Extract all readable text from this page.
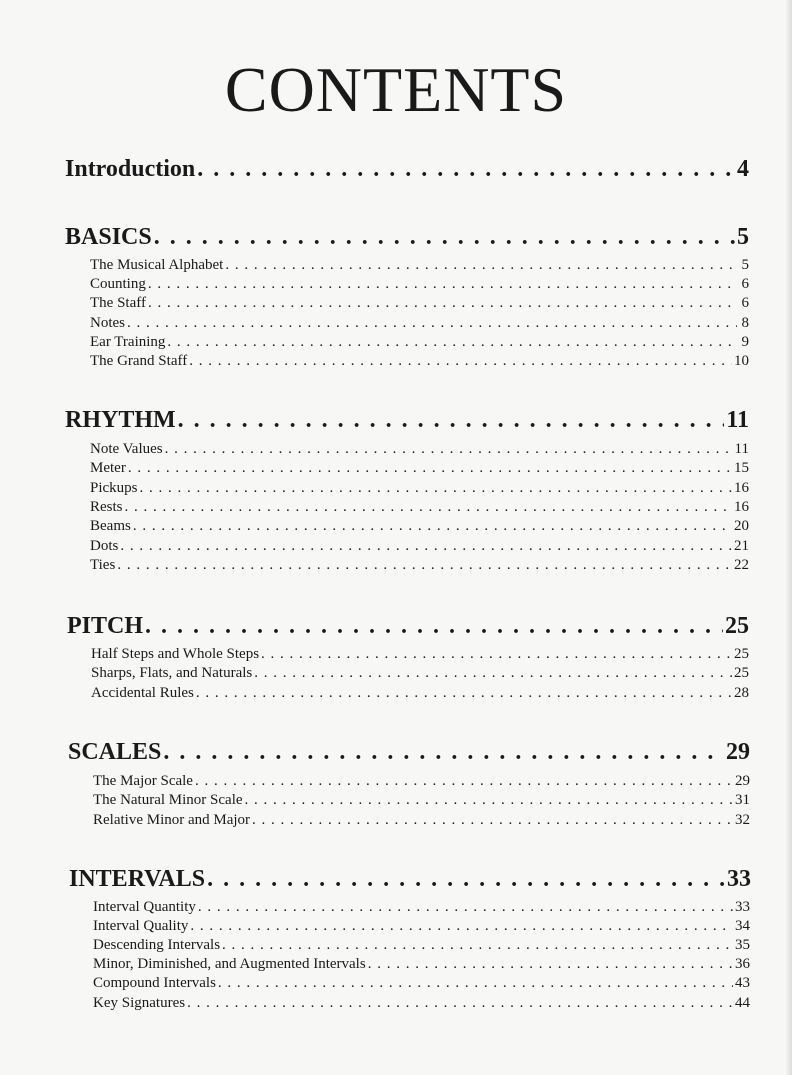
CONTENTS
Introduction . . .	4
BASICS . . .	5
The Musical Alphabet . . .	5
Counting . . .	6
The Staff . . .	6
Notes . . .	8
Ear Training . . .	9
The Grand Staff . . .	10
RHYTHM . . .	11
Note Values . . .	11
Meter . . .	15
Pickups . . .	16
Rests . . .	16
Beams . . .	20
Dots . . .	21
Ties . . .	22
PITCH . . .	25
Half Steps and Whole Steps . . .	25
Sharps, Flats, and Naturals . . .	25
Accidental Rules . . .	28
SCALES . . .	29
The Major Scale . . .	29
The Natural Minor Scale . . .	31
Relative Minor and Major . . .	32
INTERVALS . . .	33
Interval Quantity . . .	33
Interval Quality . . .	34
Descending Intervals . . .	35
Minor, Diminished, and Augmented Intervals . . .	36
Compound Intervals . . .	43
Key Signatures . . .	44
